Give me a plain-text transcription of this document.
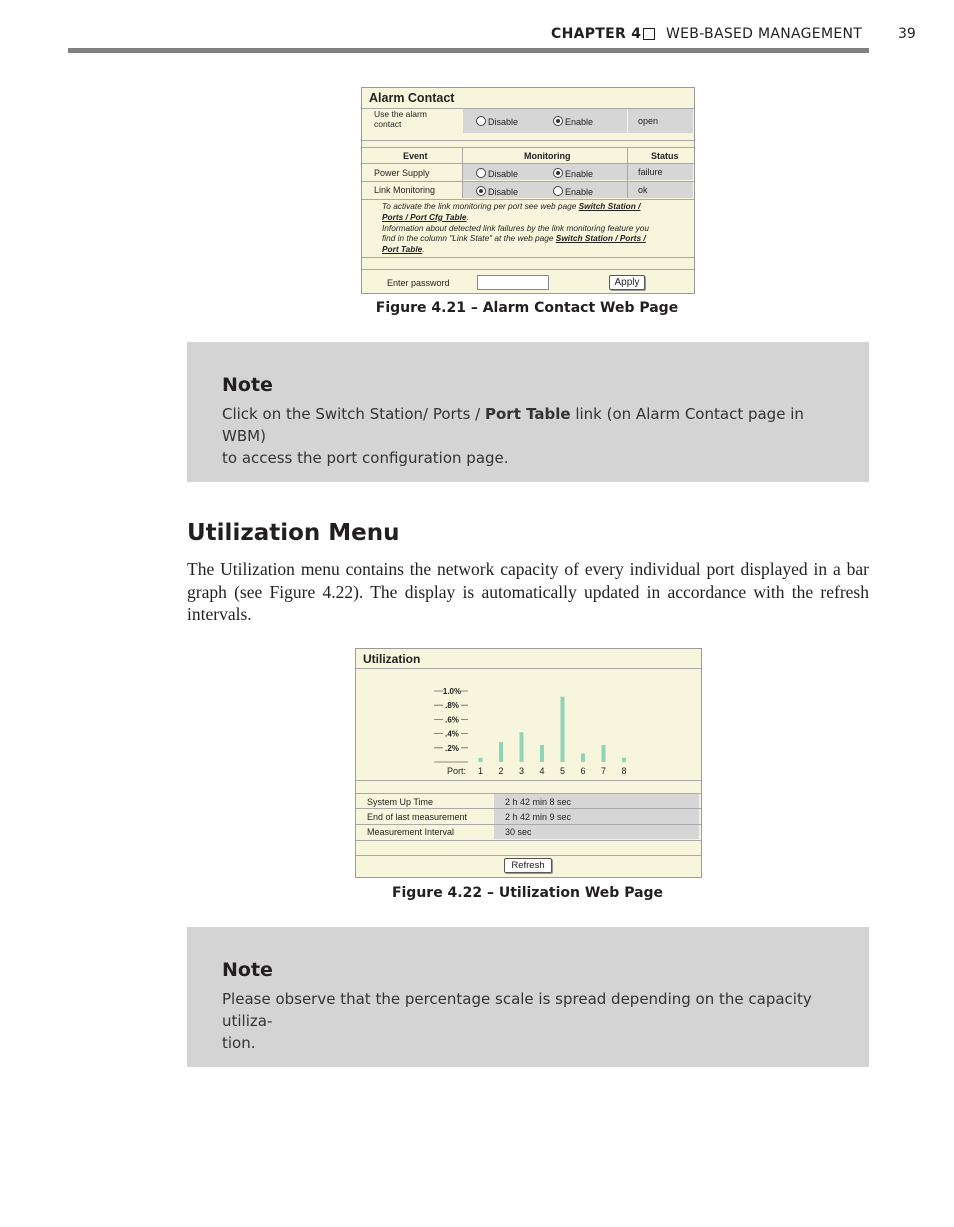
CHAPTER 4 WEB-BASED MANAGEMENT	39
Alarm Contact
Use the alarm
contact	Disable	Enable	open
Event	Monitoring	Status
Power Supply	Disable	Enable	failure
Link Monitoring	Disable	Enable	ok
To activate the link monitoring per port see web page Switch Station /
Ports / Port Cfg Table.
Information about detected link failures by the link monitoring feature you
find in the column "Link State" at the web page Switch Station / Ports /
Port Table.
Enter password	Apply
Figure 4.21 – Alarm Contact Web Page
Note
Click on the Switch Station/ Ports / Port Table link (on Alarm Contact page in WBM)
to access the port configuration page.
Utilization Menu
The Utilization menu contains the network capacity of every individual port displayed in a bar graph (see Figure 4.22). The display is automatically updated in accordance with the refresh intervals.
Utilization
1.0%
.8%
.6%
.4%
.2%
1 2 3 4 5 6 7 8
Port:
System Up Time	2 h 42 min 8 sec
End of last measurement	2 h 42 min 9 sec
Measurement Interval	30 sec
Refresh
Figure 4.22 – Utilization Web Page
Note
Please observe that the percentage scale is spread depending on the capacity utiliza-
tion.
